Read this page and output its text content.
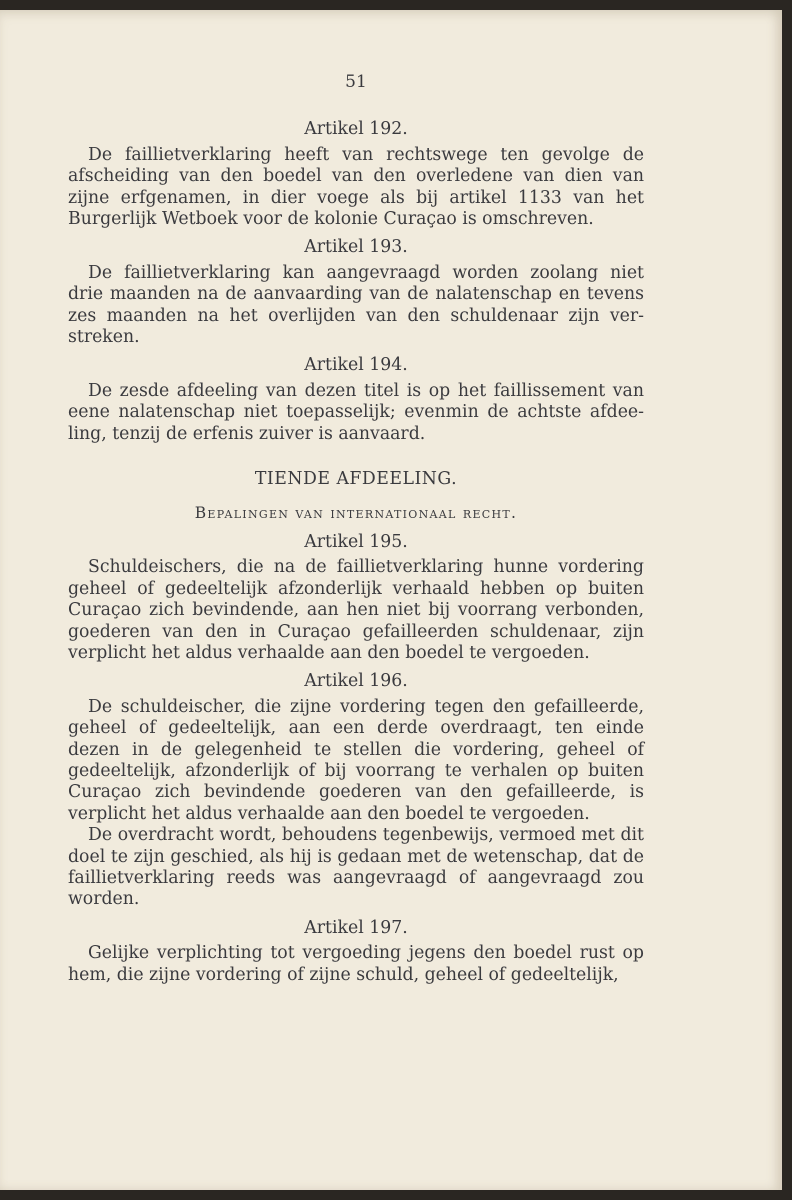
51
Artikel 192.

De faillietverklaring heeft van rechtswege ten gevolge de afscheiding van den boedel van den overledene van dien van zijne erfgenamen, in dier voege als bij artikel 1133 van het Burgerlijk Wetboek voor de kolonie Curaçao is omschreven.

Artikel 193.

De faillietverklaring kan aangevraagd worden zoolang niet drie maanden na de aanvaarding van de nalatenschap en tevens zes maanden na het overlijden van den schuldenaar zijn verstreken.

Artikel 194.

De zesde afdeeling van dezen titel is op het faillissement van eene nalatenschap niet toepasselijk; evenmin de achtste afdeeling, tenzij de erfenis zuiver is aanvaard.

TIENDE AFDEELING.
Bepalingen van internationaal recht.
Artikel 195.

Schuldeischers, die na de faillietverklaring hunne vordering geheel of gedeeltelijk afzonderlijk verhaald hebben op buiten Curaçao zich bevindende, aan hen niet bij voorrang verbonden, goederen van den in Curaçao gefailleerden schuldenaar, zijn verplicht het aldus verhaalde aan den boedel te vergoeden.

Artikel 196.

De schuldeischer, die zijne vordering tegen den gefailleerde, geheel of gedeeltelijk, aan een derde overdraagt, ten einde dezen in de gelegenheid te stellen die vordering, geheel of gedeeltelijk, afzonderlijk of bij voorrang te verhalen op buiten Curaçao zich bevindende goederen van den gefailleerde, is verplicht het aldus verhaalde aan den boedel te vergoeden.

De overdracht wordt, behoudens tegenbewijs, vermoed met dit doel te zijn geschied, als hij is gedaan met de wetenschap, dat de faillietverklaring reeds was aangevraagd of aangevraagd zou worden.

Artikel 197.

Gelijke verplichting tot vergoeding jegens den boedel rust op hem, die zijne vordering of zijne schuld, geheel of gedeeltelijk,
